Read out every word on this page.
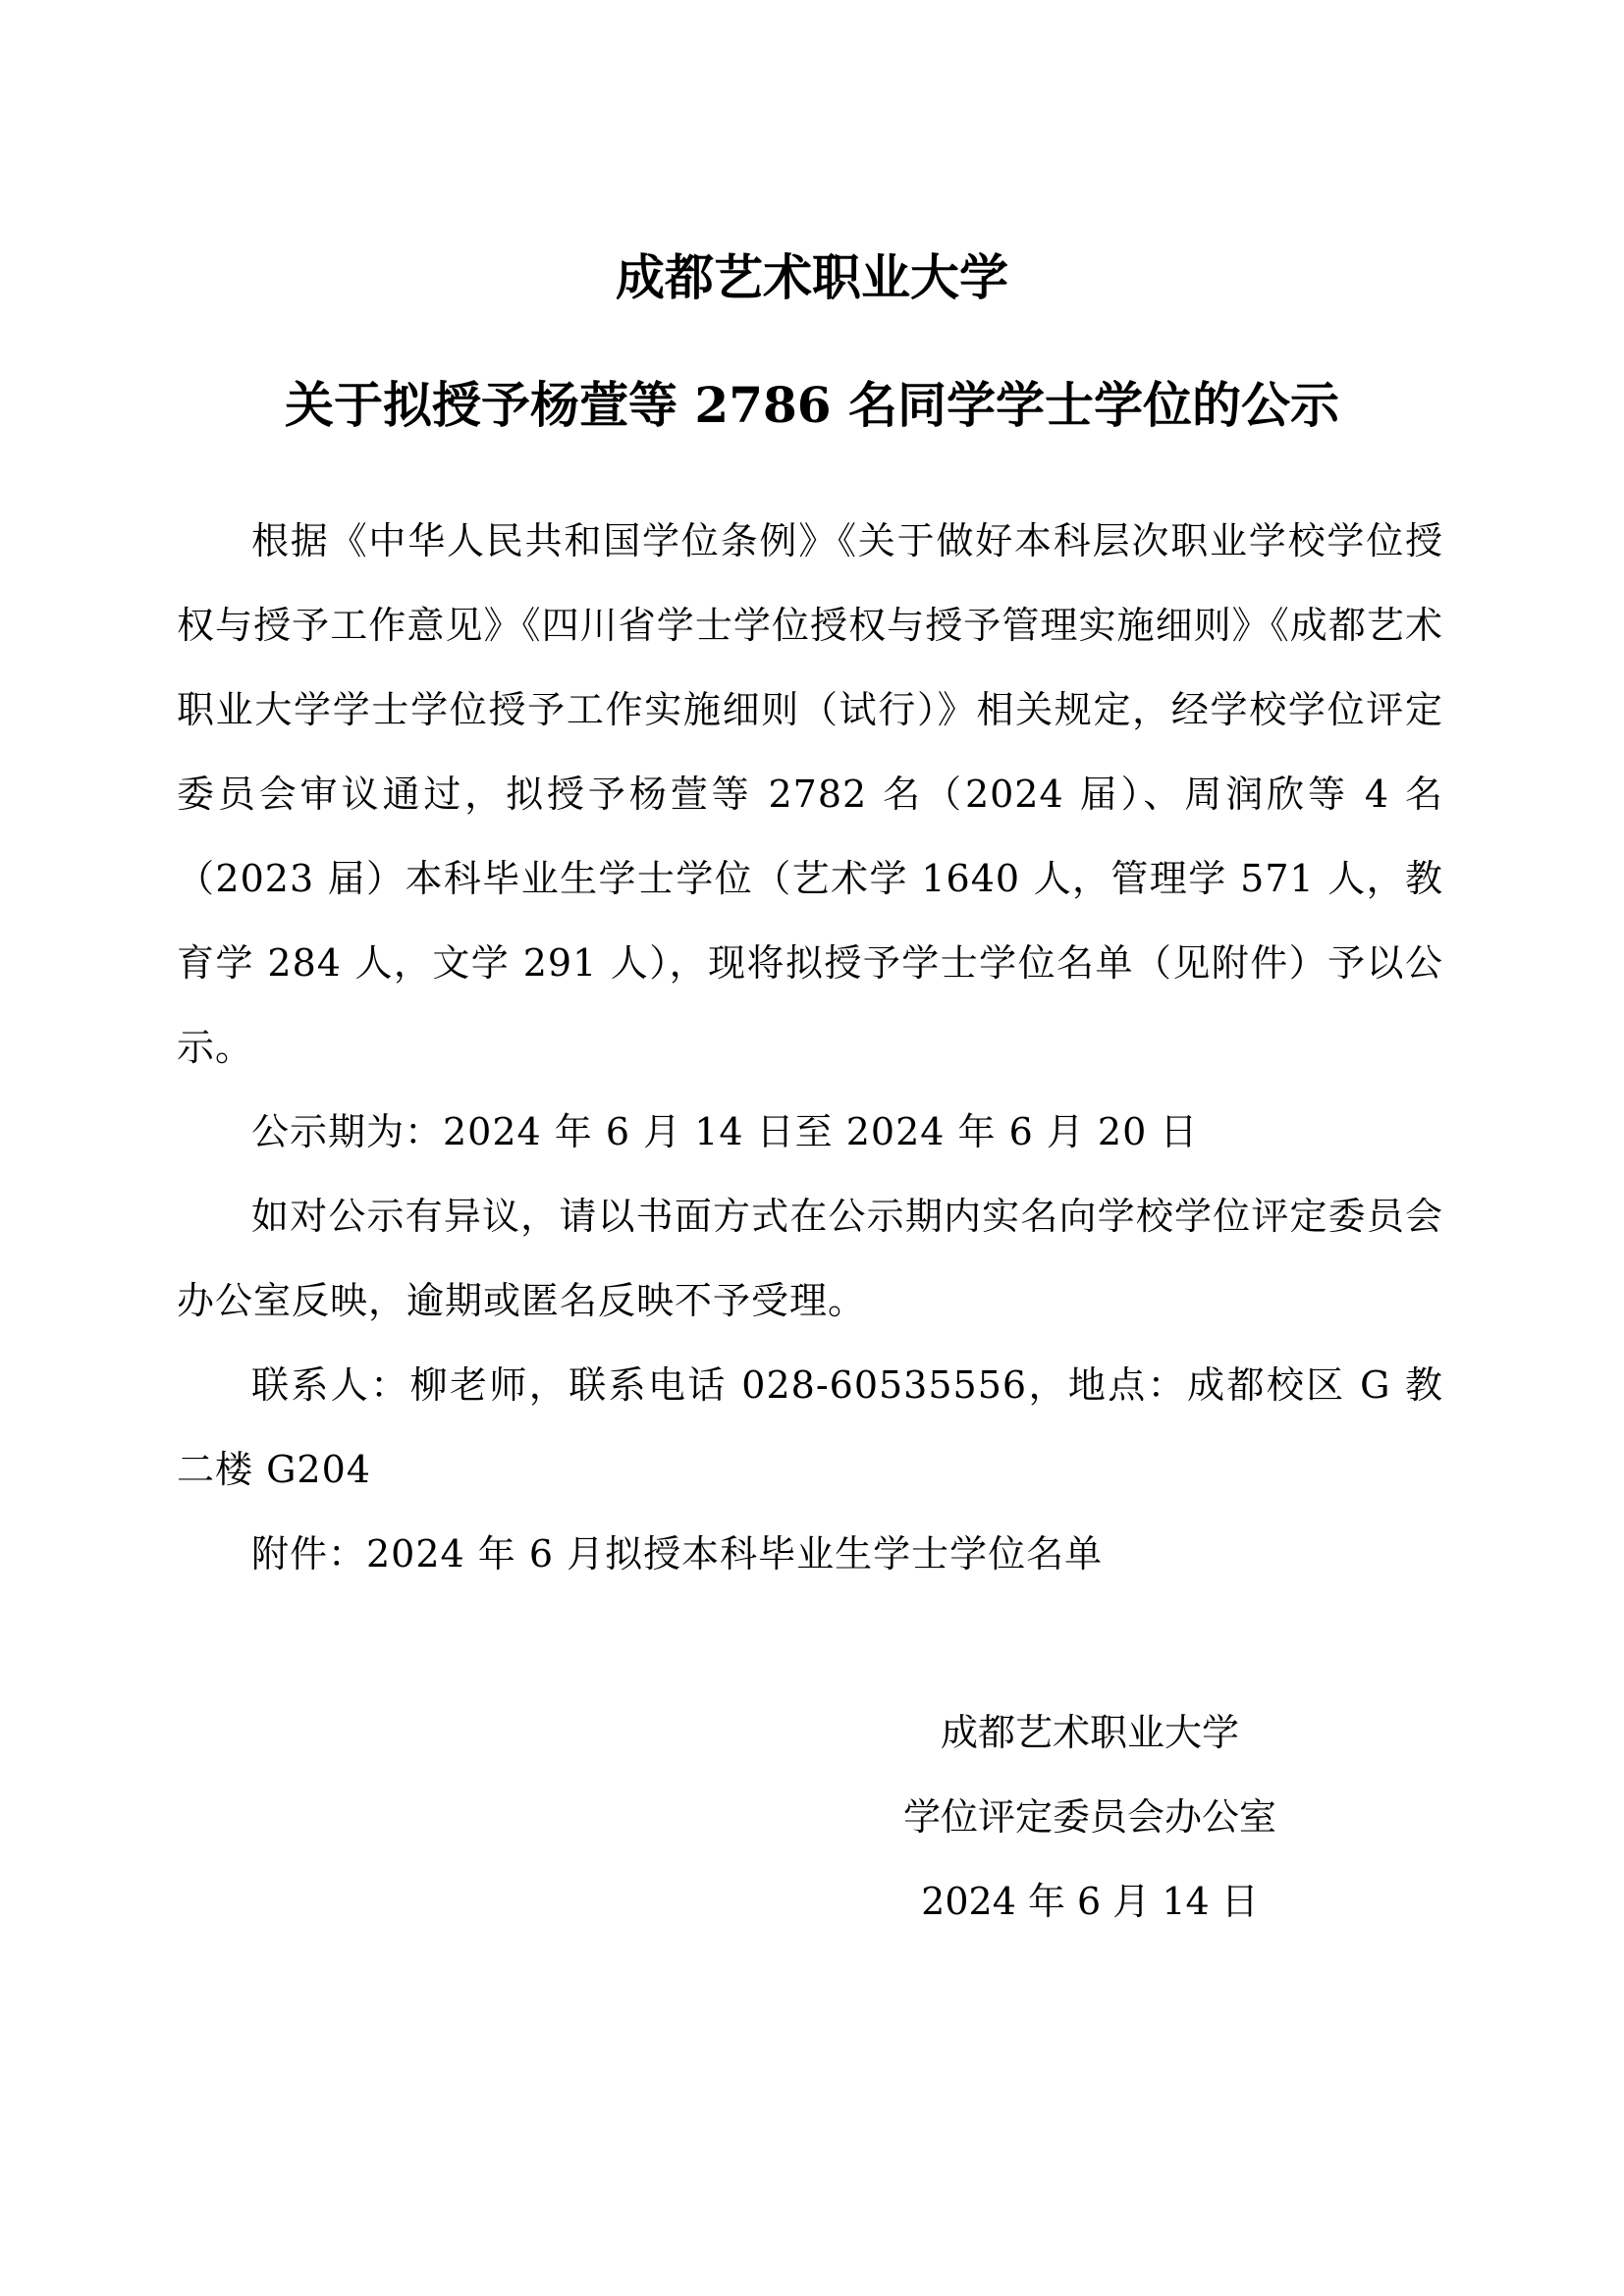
成都艺术职业大学
关于拟授予杨萱等 2786 名同学学士学位的公示

根据《中华人民共和国学位条例》《关于做好本科层次职业学校学位授权与授予工作意见》《四川省学士学位授权与授予管理实施细则》《成都艺术职业大学学士学位授予工作实施细则（试行）》相关规定，经学校学位评定委员会审议通过，拟授予杨萱等 2782 名（2024 届）、周润欣等 4 名（2023 届）本科毕业生学士学位（艺术学 1640 人，管理学 571 人，教育学 284 人，文学 291 人），现将拟授予学士学位名单（见附件）予以公示。

公示期为：2024 年 6 月 14 日至 2024 年 6 月 20 日

如对公示有异议，请以书面方式在公示期内实名向学校学位评定委员会办公室反映，逾期或匿名反映不予受理。

联系人：柳老师，联系电话 028-60535556，地点：成都校区 G 教二楼 G204

附件：2024 年 6 月拟授本科毕业生学士学位名单

成都艺术职业大学
学位评定委员会办公室
2024 年 6 月 14 日
